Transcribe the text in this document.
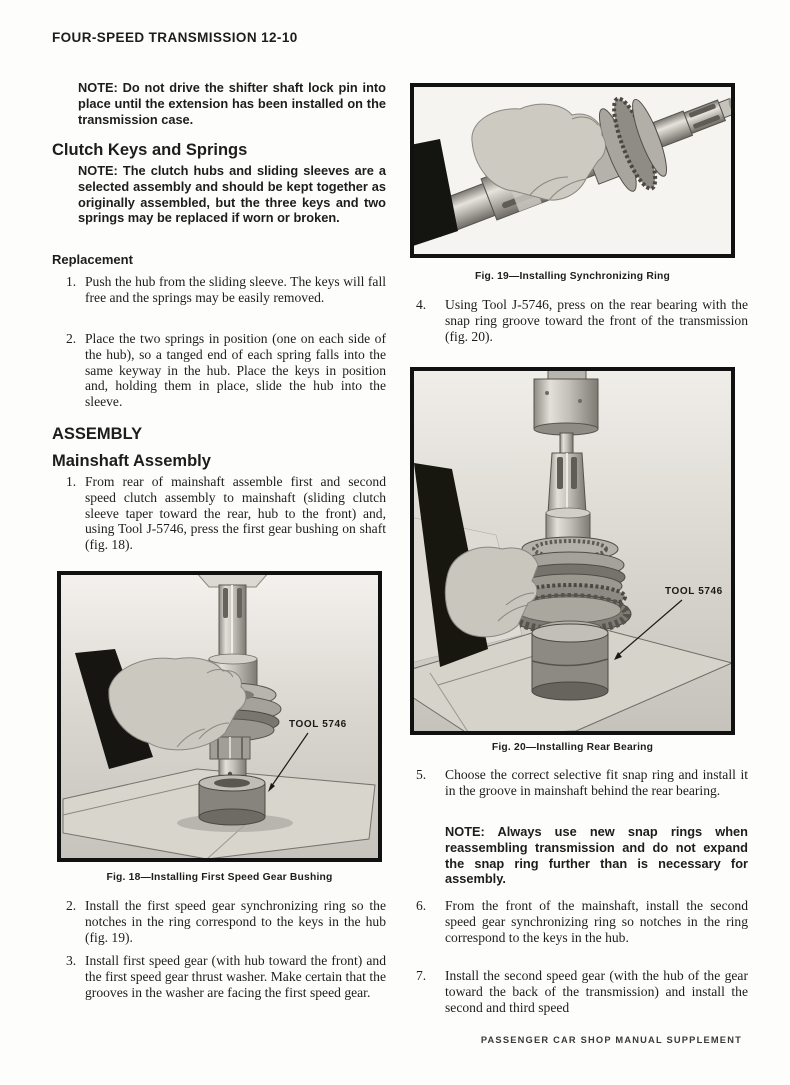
FOUR-SPEED TRANSMISSION 12-10
NOTE: Do not drive the shifter shaft lock pin into place until the extension has been installed on the transmission case.
Clutch Keys and Springs
NOTE: The clutch hubs and sliding sleeves are a selected assembly and should be kept together as originally assembled, but the three keys and two springs may be replaced if worn or broken.
Replacement
1. Push the hub from the sliding sleeve. The keys will fall free and the springs may be easily removed.
2. Place the two springs in position (one on each side of the hub), so a tanged end of each spring falls into the same keyway in the hub. Place the keys in position and, holding them in place, slide the hub into the sleeve.
ASSEMBLY
Mainshaft Assembly
1. From rear of mainshaft assemble first and second speed clutch assembly to mainshaft (sliding clutch sleeve taper toward the rear, hub to the front) and, using Tool J-5746, press the first gear bushing on shaft (fig. 18).
TOOL 5746
Fig. 18—Installing First Speed Gear Bushing
2. Install the first speed gear synchronizing ring so the notches in the ring correspond to the keys in the hub (fig. 19).
3. Install first speed gear (with hub toward the front) and the first speed gear thrust washer. Make certain that the grooves in the washer are facing the first speed gear.
Fig. 19—Installing Synchronizing Ring
4. Using Tool J-5746, press on the rear bearing with the snap ring groove toward the front of the transmission (fig. 20).
TOOL 5746
Fig. 20—Installing Rear Bearing
5. Choose the correct selective fit snap ring and install it in the groove in mainshaft behind the rear bearing.
NOTE: Always use new snap rings when reassembling transmission and do not expand the snap ring further than is necessary for assembly.
6. From the front of the mainshaft, install the second speed gear synchronizing ring so notches in the ring correspond to the keys in the hub.
7. Install the second speed gear (with the hub of the gear toward the back of the transmission) and install the second and third speed
PASSENGER CAR SHOP MANUAL SUPPLEMENT
